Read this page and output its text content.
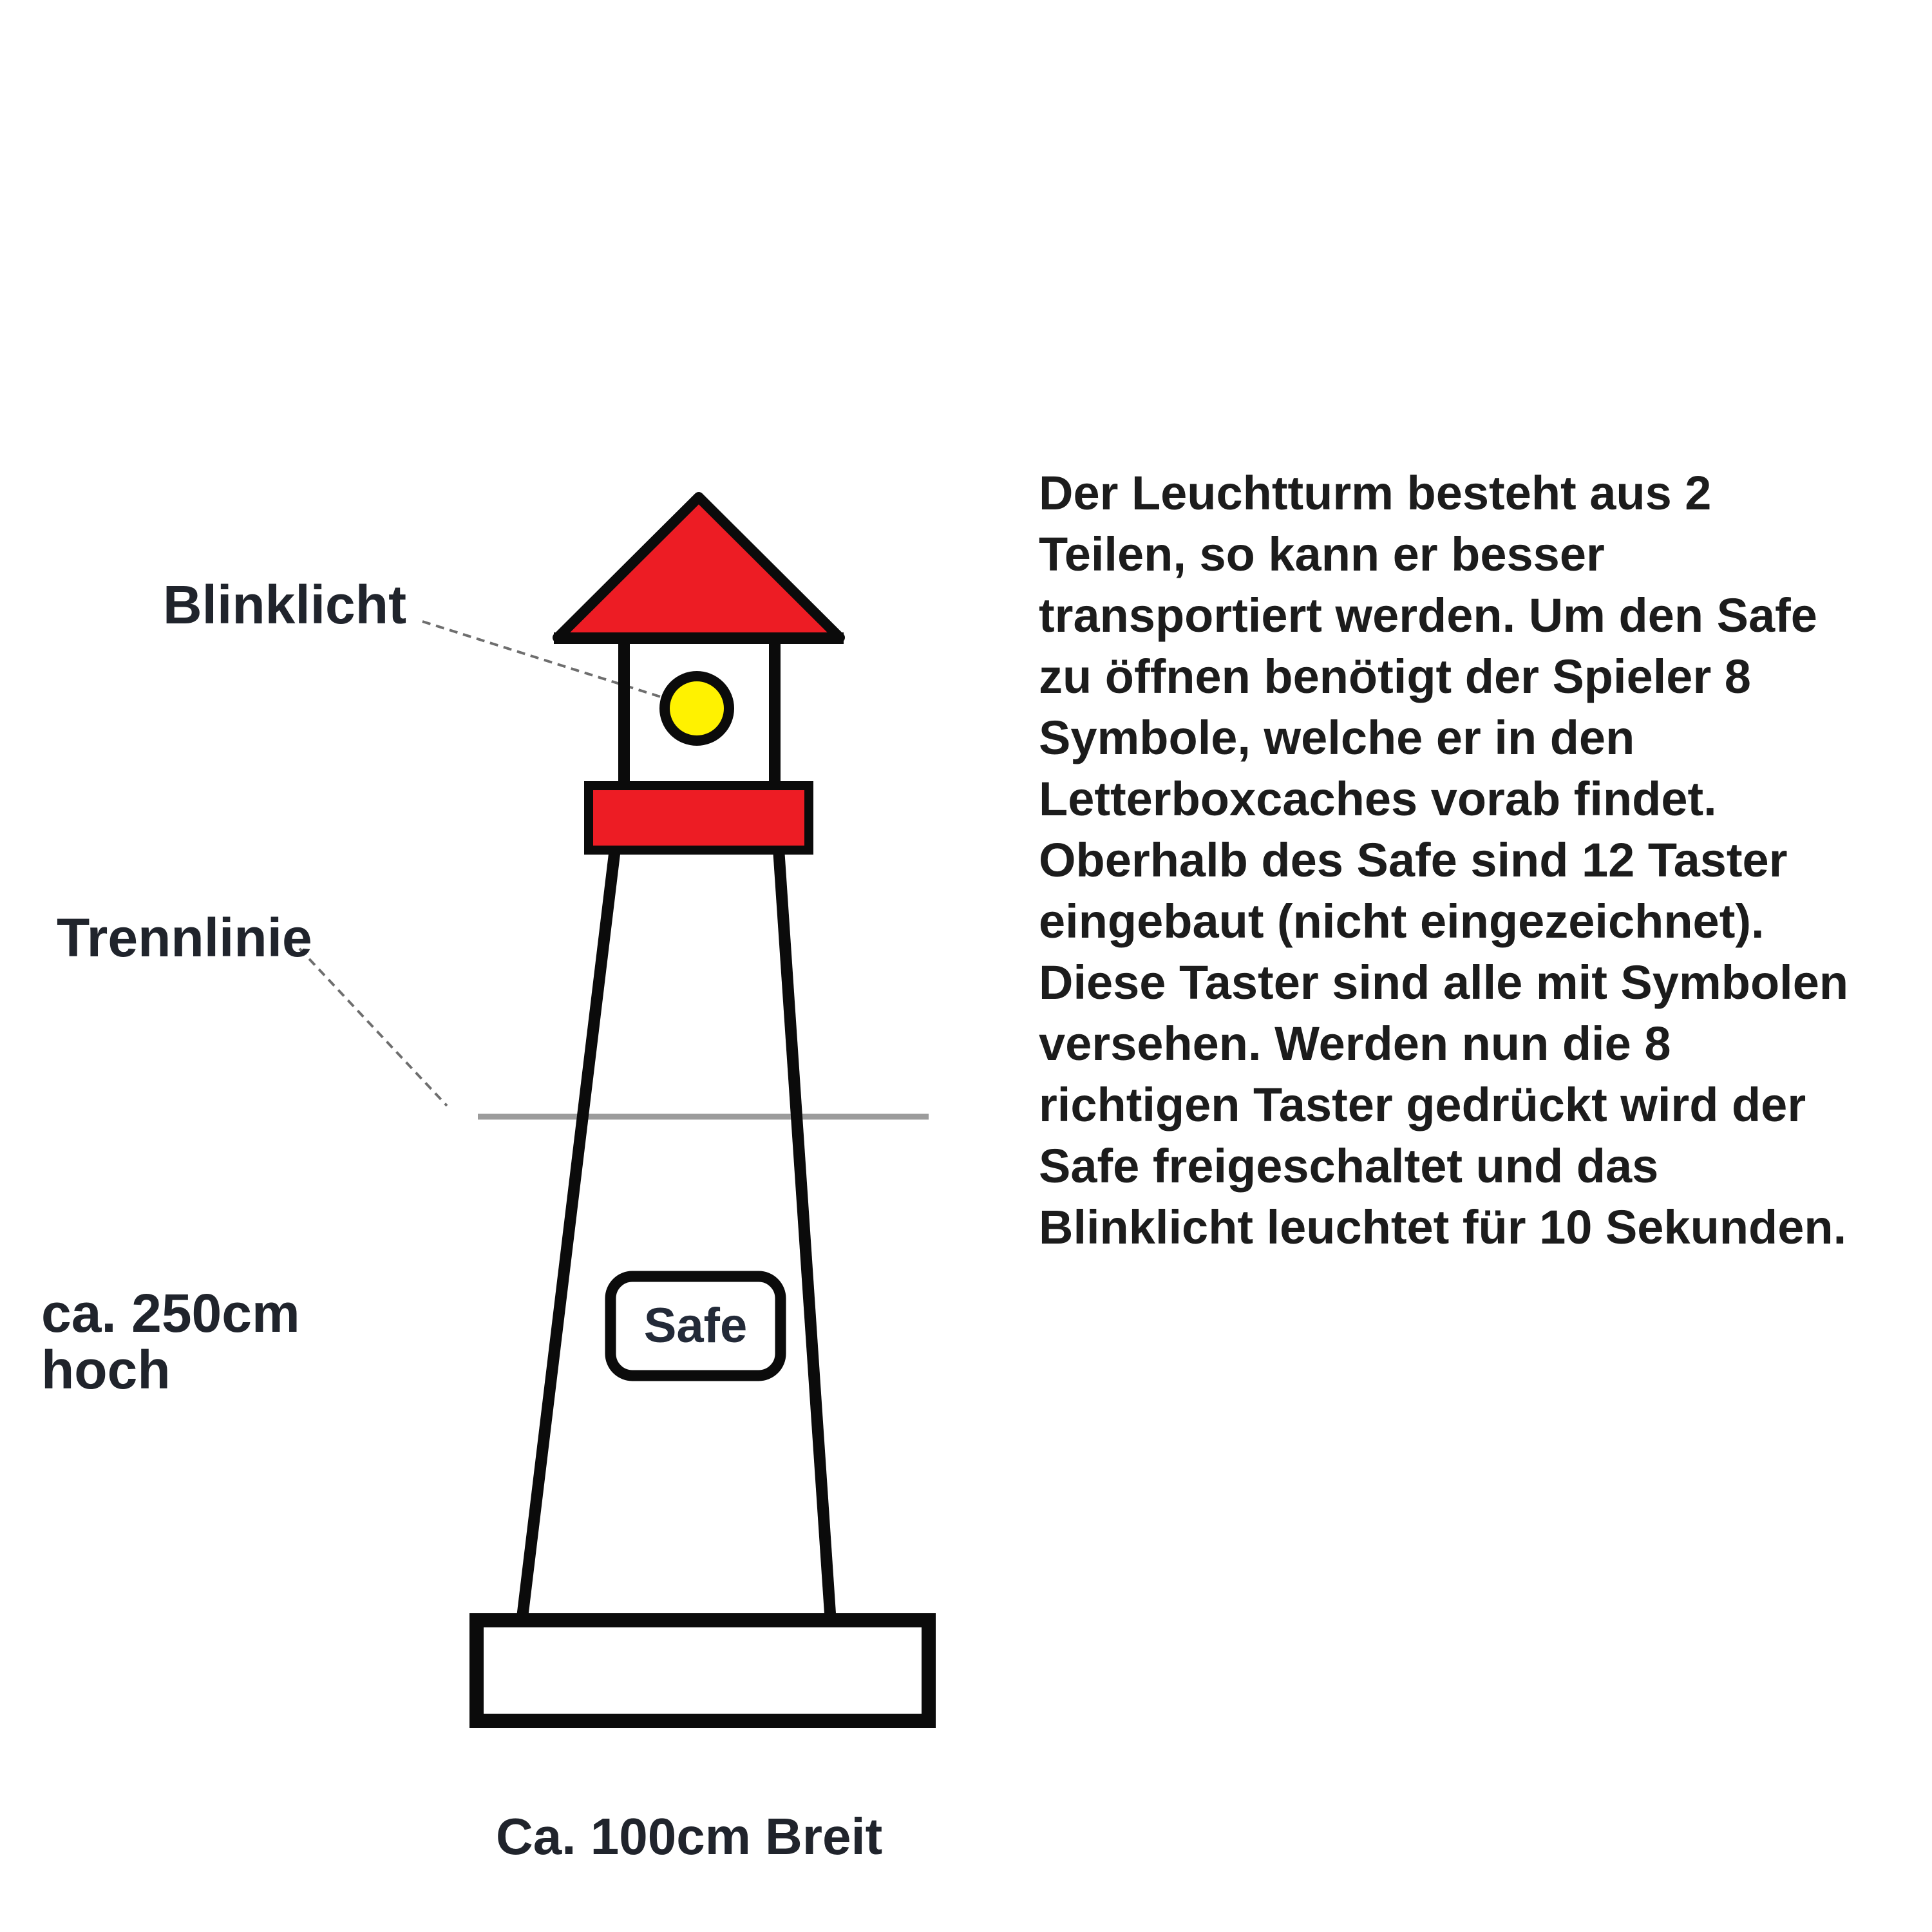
Safe
Blinklicht
Trennlinie
ca. 250cm
hoch
Ca. 100cm Breit
Der Leuchtturm besteht aus 2
Teilen, so kann er besser
transportiert werden. Um den Safe
zu öffnen benötigt der Spieler 8
Symbole, welche er in den
Letterboxcaches vorab findet.
Oberhalb des Safe sind 12 Taster
eingebaut (nicht eingezeichnet).
Diese Taster sind alle mit Symbolen
versehen. Werden nun die 8
richtigen Taster gedrückt wird der
Safe freigeschaltet und das
Blinklicht leuchtet für 10 Sekunden.
